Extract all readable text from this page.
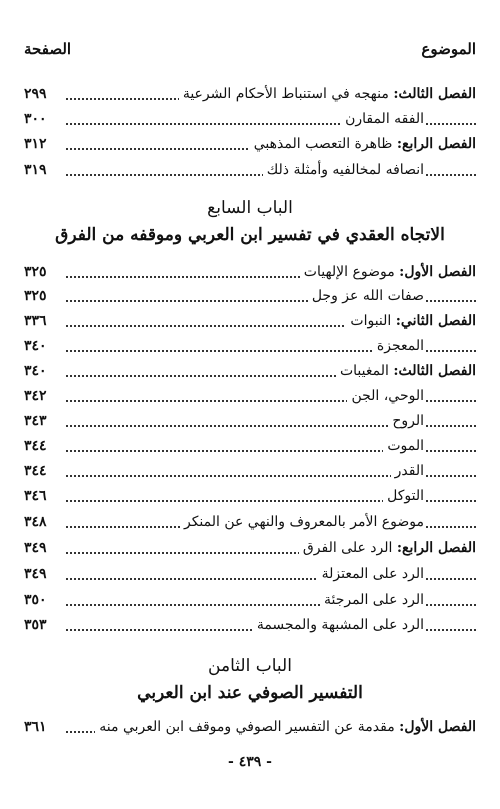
الموضوع
الصفحة
الفصل الثالث: منهجه في استنباط الأحكام الشرعية
٢٩٩
الفقه المقارن
٣٠٠
الفصل الرابع: ظاهرة التعصب المذهبي
٣١٢
انصافه لمخالفيه وأمثلة ذلك
٣١٩
الباب السابع
الاتجاه العقدي في تفسير ابن العربي وموقفه من الفرق
الفصل الأول: موضوع الإلهيات
٣٢٥
صفات الله عز وجل
٣٢٥
الفصل الثاني: النبوات
٣٣٦
المعجزة
٣٤٠
الفصل الثالث: المغيبات
٣٤٠
الوحي، الجن
٣٤٢
الروح
٣٤٣
الموت
٣٤٤
القدر
٣٤٤
التوكل
٣٤٦
موضوع الأمر بالمعروف والنهي عن المنكر
٣٤٨
الفصل الرابع: الرد على الفرق
٣٤٩
الرد على المعتزلة
٣٤٩
الرد على المرجئة
٣٥٠
الرد على المشبهة والمجسمة
٣٥٣
الباب الثامن
التفسير الصوفي عند ابن العربي
الفصل الأول: مقدمة عن التفسير الصوفي وموقف ابن العربي منه
٣٦١
- ٤٣٩ -
